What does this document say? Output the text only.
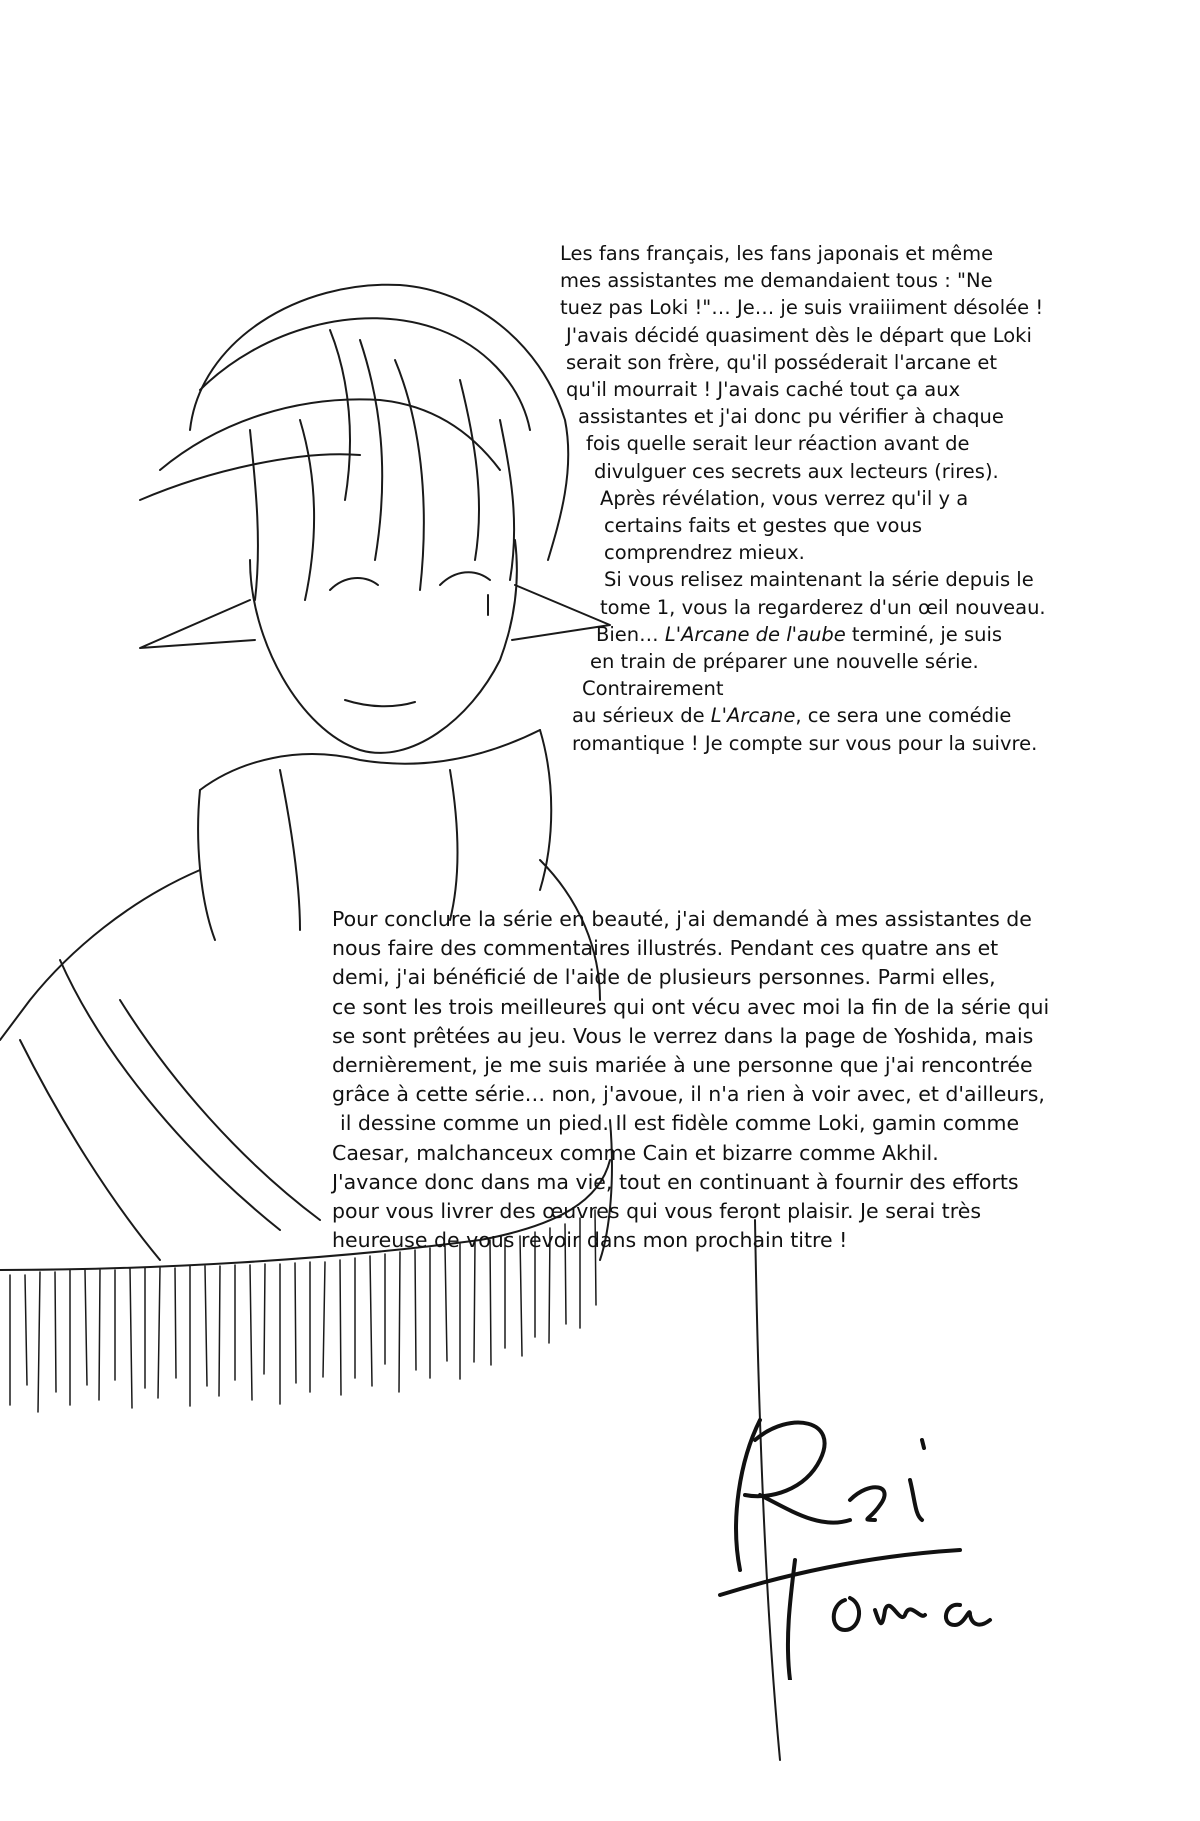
Les fans français, les fans japonais et même
mes assistantes me demandaient tous : "Ne
tuez pas Loki !"… Je… je suis vraiiiment désolée !
J'avais décidé quasiment dès le départ que Loki
serait son frère, qu'il posséderait l'arcane et
qu'il mourrait ! J'avais caché tout ça aux
assistantes et j'ai donc pu vérifier à chaque
fois quelle serait leur réaction avant de
divulguer ces secrets aux lecteurs (rires).
Après révélation, vous verrez qu'il y a
certains faits et gestes que vous
comprendrez mieux.
Si vous relisez maintenant la série depuis le
tome 1, vous la regarderez d'un œil nouveau.
Bien… L'Arcane de l'aube terminé, je suis
en train de préparer une nouvelle série.
Contrairement
au sérieux de L'Arcane, ce sera une comédie
romantique ! Je compte sur vous pour la suivre.
Pour conclure la série en beauté, j'ai demandé à mes assistantes de
nous faire des commentaires illustrés. Pendant ces quatre ans et
demi, j'ai bénéficié de l'aide de plusieurs personnes. Parmi elles,
ce sont les trois meilleures qui ont vécu avec moi la fin de la série qui
se sont prêtées au jeu. Vous le verrez dans la page de Yoshida, mais
dernièrement, je me suis mariée à une personne que j'ai rencontrée
grâce à cette série… non, j'avoue, il n'a rien à voir avec, et d'ailleurs,
il dessine comme un pied. Il est fidèle comme Loki, gamin comme
Caesar, malchanceux comme Cain et bizarre comme Akhil.
J'avance donc dans ma vie, tout en continuant à fournir des efforts
pour vous livrer des œuvres qui vous feront plaisir. Je serai très
heureuse de vous revoir dans mon prochain titre !
